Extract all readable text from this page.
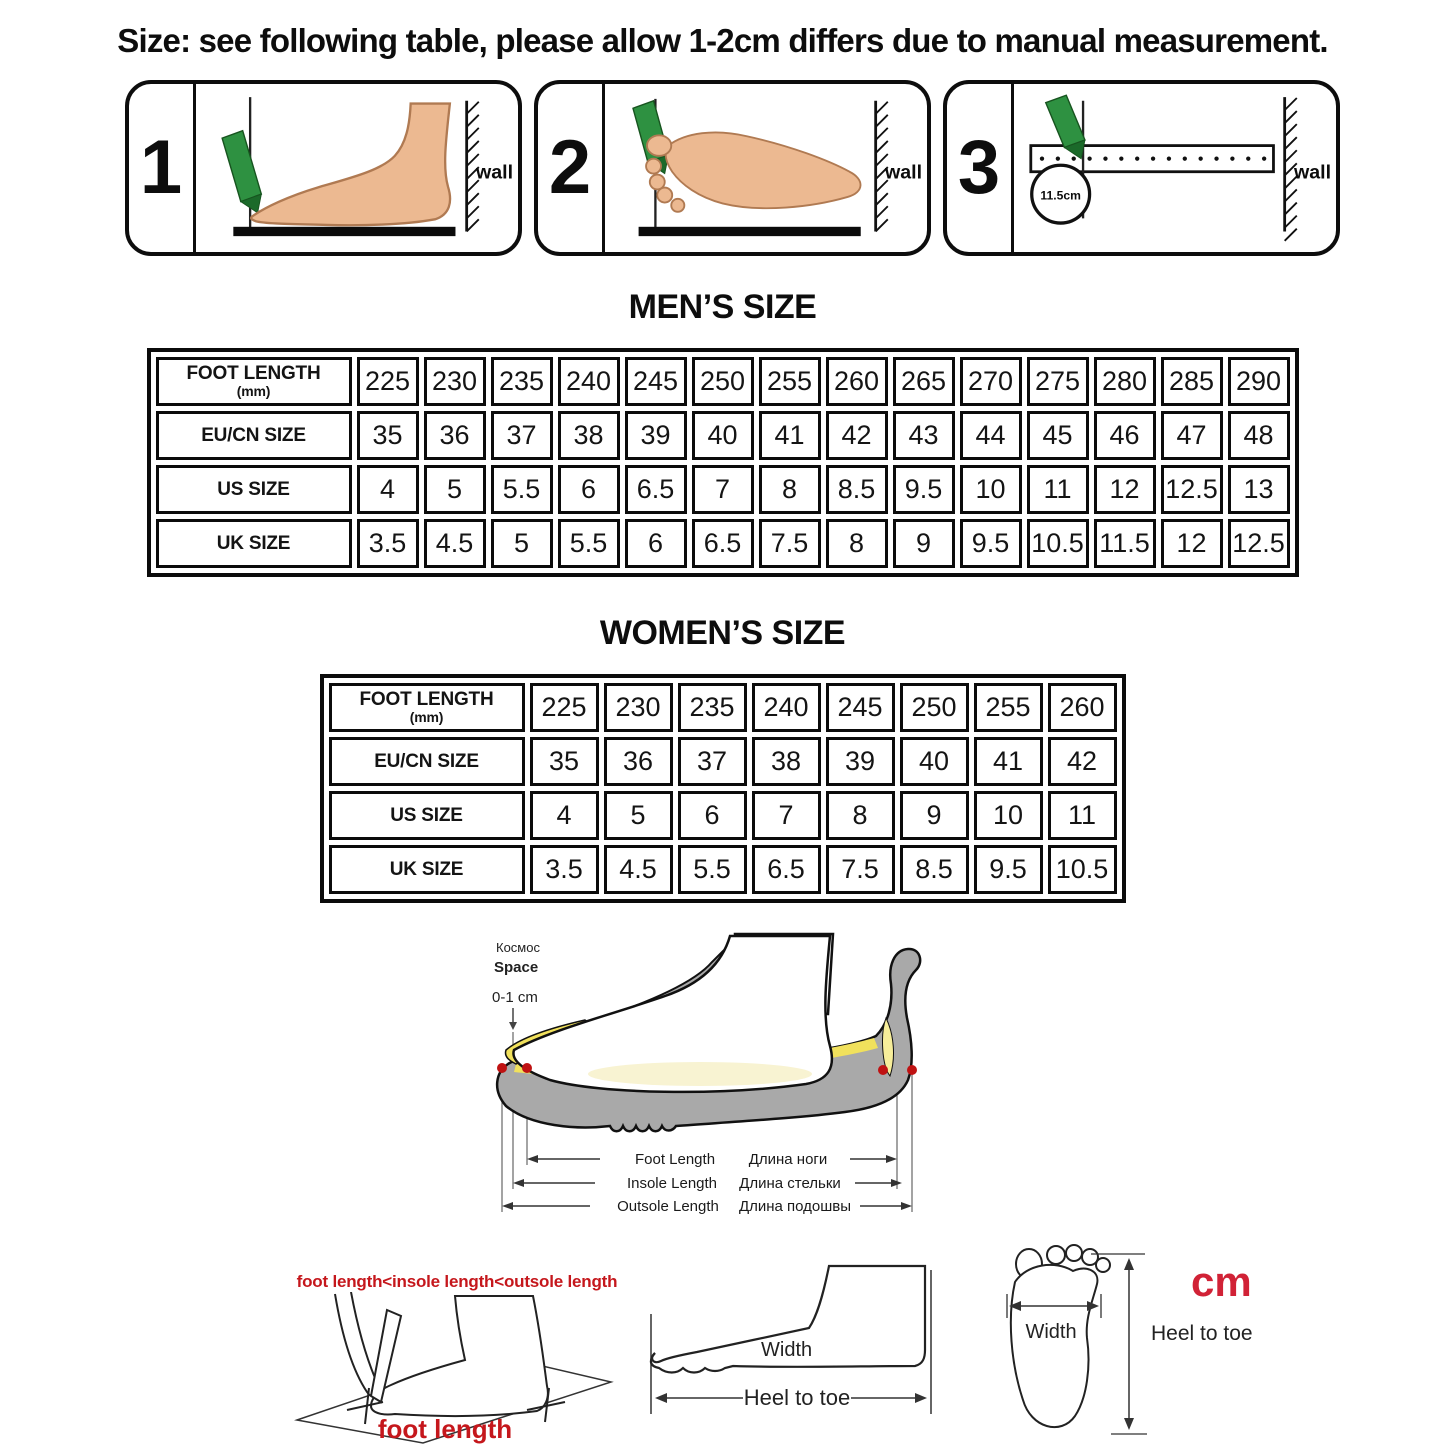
Size: see following table, please allow 1-2cm differs due to manual measurement.
1	wall 2	wall 3	11.5cm
wall
MEN’S SIZE
FOOT LENGTH
(mm)	225	230	235	240	245	250	255	260	265	270	275	280	285	290

EU/CN SIZE	35	36	37	38	39	40	41	42	43	44	45	46	47	48

US SIZE	4	5	5.5	6	6.5	7	8	8.5	9.5	10	11	12	12.5	13

UK SIZE	3.5	4.5	5	5.5	6	6.5	7.5	8	9	9.5	10.5	11.5	12	12.5
WOMEN’S SIZE
FOOT LENGTH
(mm)	225	230	235	240	245	250	255	260

EU/CN SIZE	35	36	37	38	39	40	41	42

US SIZE	4	5	6	7	8	9	10	11

UK SIZE	3.5	4.5	5.5	6.5	7.5	8.5	9.5	10.5
Космос
Space
0-1 cm
Foot Length Длина ноги
Insole Length Длина стельки
Outsole Length Длина подошвы
foot length<insole length<outsole length
foot length
Width
Heel to toe
Width
cm
Heel to toe
